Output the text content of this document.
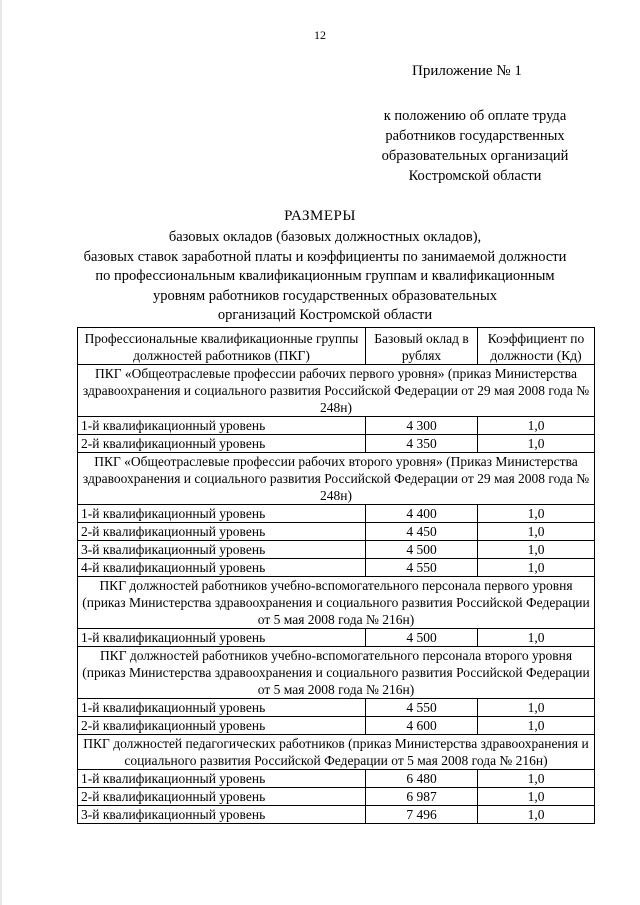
12
Приложение № 1
к положению об оплате труда
работников государственных
образовательных организаций
Костромской области
РАЗМЕРЫ
базовых окладов (базовых должностных окладов),
базовых ставок заработной платы и коэффициенты по занимаемой должности
по профессиональным квалификационным группам и квалификационным
уровням работников государственных образовательных
организаций Костромской области
Профессиональные квалификационные группы должностей работников (ПКГ)	Базовый оклад в рублях	Коэффициент по должности (Кд)
ПКГ «Общеотраслевые профессии рабочих первого уровня» (приказ Министерства здравоохранения и социального развития Российской Федерации от 29 мая 2008 года № 248н)		
1-й квалификационный уровень	4 300	1,0
2-й квалификационный уровень	4 350	1,0
ПКГ «Общеотраслевые профессии рабочих второго уровня» (Приказ Министерства здравоохранения и социального развития Российской Федерации от 29 мая 2008 года № 248н)		
1-й квалификационный уровень	4 400	1,0
2-й квалификационный уровень	4 450	1,0
3-й квалификационный уровень	4 500	1,0
4-й квалификационный уровень	4 550	1,0
ПКГ должностей работников учебно-вспомогательного персонала первого уровня (приказ Министерства здравоохранения и социального развития Российской Федерации от 5 мая 2008 года № 216н)		
1-й квалификационный уровень	4 500	1,0
ПКГ должностей работников учебно-вспомогательного персонала второго уровня (приказ Министерства здравоохранения и социального развития Российской Федерации от 5 мая 2008 года № 216н)		
1-й квалификационный уровень	4 550	1,0
2-й квалификационный уровень	4 600	1,0
ПКГ должностей педагогических работников (приказ Министерства здравоохранения и социального развития Российской Федерации от 5 мая 2008 года № 216н)		
1-й квалификационный уровень	6 480	1,0
2-й квалификационный уровень	6 987	1,0
3-й квалификационный уровень	7 496	1,0
